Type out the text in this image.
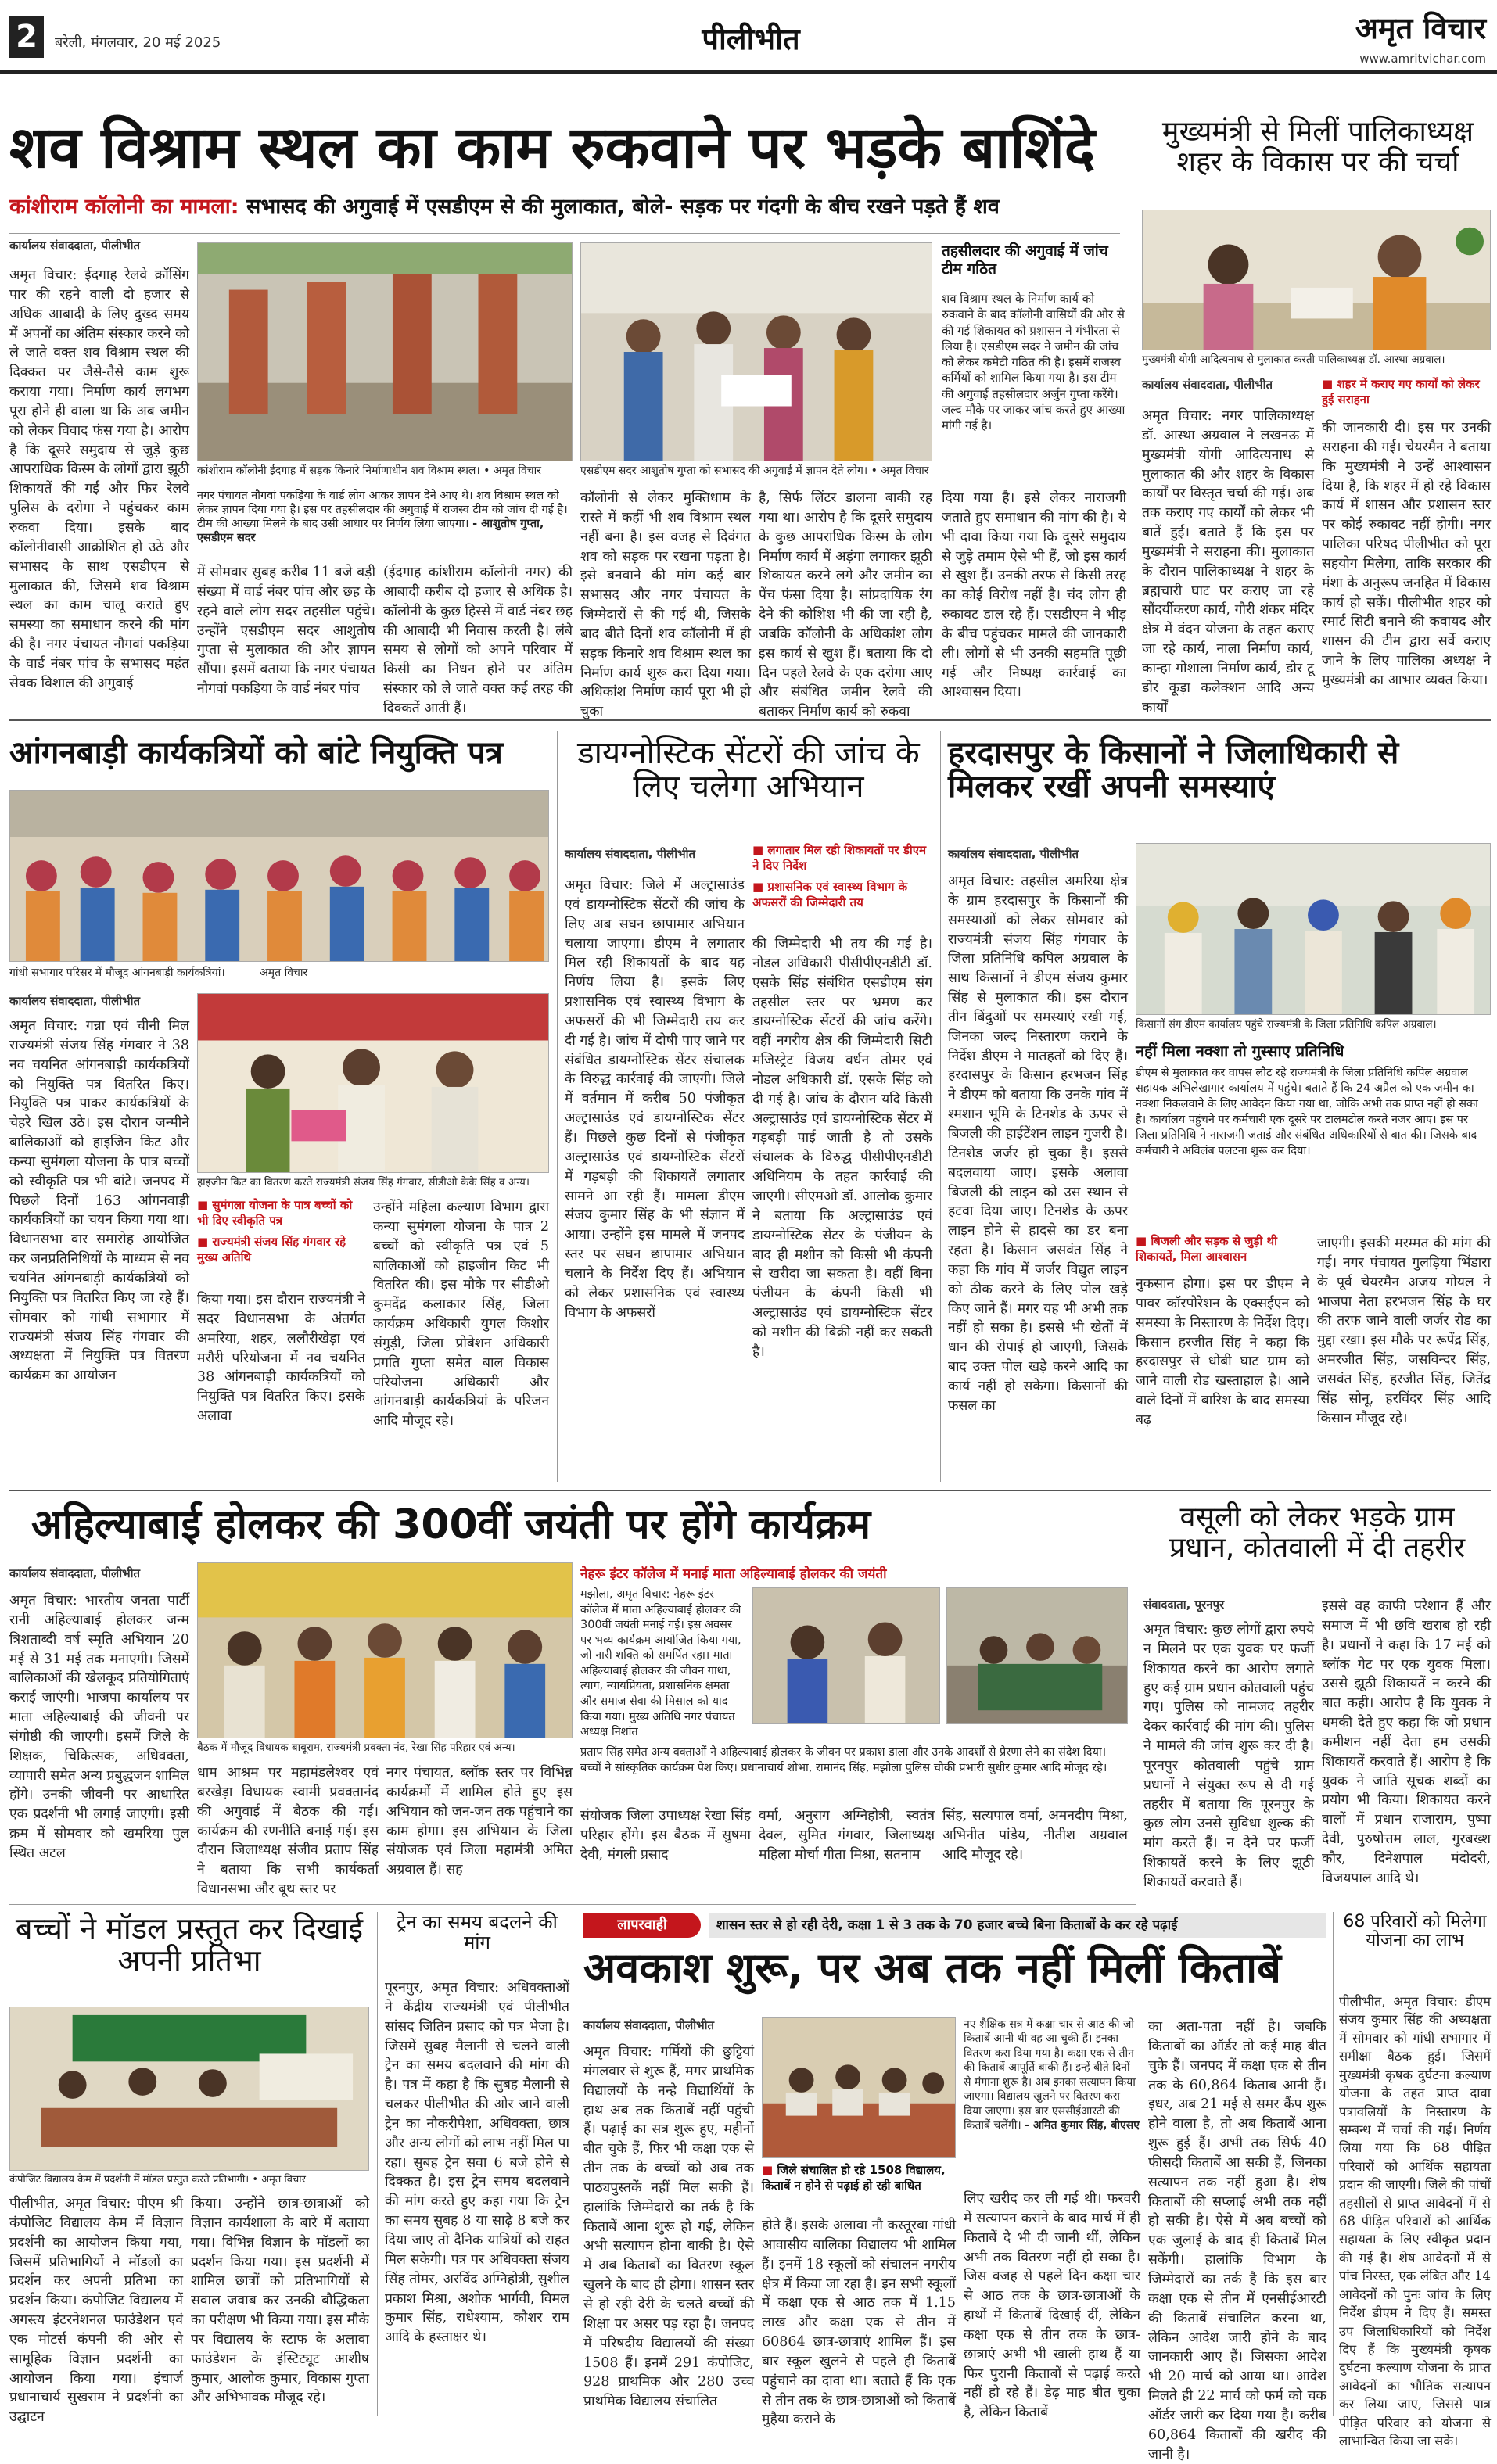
2	बरेली, मंगलवार, 20 मई 2025	पीलीभीत	अमृत विचार
www.amritvichar.com
शव विश्राम स्थल का काम रुकवाने पर भड़के बाशिंदे
कांशीराम कॉलोनी का मामला: सभासद की अगुवाई में एसडीएम से की मुलाकात, बोले- सड़क पर गंदगी के बीच रखने पड़ते हैं शव
कार्यालय संवाददाता, पीलीभीत
अमृत विचार: ईदगाह रेलवे क्रॉसिंग पार की रहने वाली दो हजार से अधिक आबादी के लिए दुख्द समय में अपनों का अंतिम संस्कार करने को ले जाते वक्त शव विश्राम स्थल की दिक्कत पर जैसे-तैसे काम शुरू कराया गया। निर्माण कार्य लगभग पूरा होने ही वाला था कि अब जमीन को लेकर विवाद फंस गया है। आरोप है कि दूसरे समुदाय से जुड़े कुछ आपराधिक किस्म के लोगों द्वारा झूठी शिकायतें की गईं और फिर रेलवे पुलिस के दरोगा ने पहुंचकर काम रुकवा दिया। इसके बाद कॉलोनीवासी आक्रोशित हो उठे और सभासद के साथ एसडीएम से मुलाकात की, जिसमें शव विश्राम स्थल का काम चालू कराते हुए समस्या का समाधान करने की मांग की है। नगर पंचायत नौगवां पकड़िया के वार्ड नंबर पांच के सभासद महंत सेवक विशाल की अगुवाई
कांशीराम कॉलोनी ईदगाह में सड़क किनारे निर्माणाधीन शव विश्राम स्थल। • अमृत विचार	एसडीएम सदर आशुतोष गुप्ता को सभासद की अगुवाई में ज्ञापन देते लोग। • अमृत विचार
नगर पंचायत नौगवां पकड़िया के वार्ड लोग आकर ज्ञापन देने आए थे। शव विश्राम स्थल को लेकर ज्ञापन दिया गया है। इस पर तहसीलदार की अगुवाई में राजस्व टीम को जांच दी गई है। टीम की आख्या मिलने के बाद उसी आधार पर निर्णय लिया जाएगा। - आशुतोष गुप्ता, एसडीएम सदर
में सोमवार सुबह करीब 11 बजे बड़ी संख्या में वार्ड नंबर पांच और छह के रहने वाले लोग सदर तहसील पहुंचे। उन्होंने एसडीएम सदर आशुतोष गुप्ता से मुलाकात की और ज्ञापन सौंपा। इसमें बताया कि नगर पंचायत नौगवां पकड़िया के वार्ड नंबर पांच
(ईदगाह कांशीराम कॉलोनी नगर) की आबादी करीब दो हजार से अधिक है। कॉलोनी के कुछ हिस्से में वार्ड नंबर छह की आबादी भी निवास करती है। लंबे समय से लोगों को अपने परिवार में किसी का निधन होने पर अंतिम संस्कार को ले जाते वक्त कई तरह की दिक्कतें आती हैं।
कॉलोनी से लेकर मुक्तिधाम के रास्ते में कहीं भी शव विश्राम स्थल नहीं बना है। इस वजह से दिवंगत शव को सड़क पर रखना पड़ता है। इसे बनवाने की मांग कई बार सभासद और नगर पंचायत के जिम्मेदारों से की गई थी, जिसके बाद बीते दिनों शव कॉलोनी में ही सड़क किनारे शव विश्राम स्थल का निर्माण कार्य शुरू करा दिया गया। अधिकांश निर्माण कार्य पूरा भी हो चुका
है, सिर्फ लिंटर डालना बाकी रह गया था। आरोप है कि दूसरे समुदाय के कुछ आपराधिक किस्म के लोग निर्माण कार्य में अड़ंगा लगाकर झूठी शिकायत करने लगे और जमीन का पेंच फंसा दिया है। सांप्रदायिक रंग देने की कोशिश भी की जा रही है, जबकि कॉलोनी के अधिकांश लोग इस कार्य से खुश हैं। बताया कि दो दिन पहले रेलवे के एक दरोगा आए और संबंधित जमीन रेलवे की बताकर निर्माण कार्य को रुकवा
तहसीलदार की अगुवाई में जांच टीम गठित
शव विश्राम स्थल के निर्माण कार्य को रुकवाने के बाद कॉलोनी वासियों की ओर से की गई शिकायत को प्रशासन ने गंभीरता से लिया है। एसडीएम सदर ने जमीन की जांच को लेकर कमेटी गठित की है। इसमें राजस्व कर्मियों को शामिल किया गया है। इस टीम की अगुवाई तहसीलदार अर्जुन गुप्ता करेंगे। जल्द मौके पर जाकर जांच करते हुए आख्या मांगी गई है।
दिया गया है। इसे लेकर नाराजगी जताते हुए समाधान की मांग की है। ये भी दावा किया गया कि दूसरे समुदाय से जुड़े तमाम ऐसे भी हैं, जो इस कार्य से खुश हैं। उनकी तरफ से किसी तरह का कोई विरोध नहीं है। चंद लोग ही रुकावट डाल रहे हैं। एसडीएम ने भीड़ के बीच पहुंचकर मामले की जानकारी ली। लोगों से भी उनकी सहमति पूछी गई और निष्पक्ष कार्रवाई का आश्वासन दिया।
मुख्यमंत्री से मिलीं पालिकाध्यक्ष शहर के विकास पर की चर्चा
मुख्यमंत्री योगी आदित्यनाथ से मुलाकात करती पालिकाध्यक्ष डॉ. आस्था अग्रवाल।
कार्यालय संवाददाता, पीलीभीत	■ शहर में कराए गए कार्यों को लेकर हुई सराहना
अमृत विचार: नगर पालिकाध्यक्ष डॉ. आस्था अग्रवाल ने लखनऊ में मुख्यमंत्री योगी आदित्यनाथ से मुलाकात की और शहर के विकास कार्यों पर विस्तृत चर्चा की गई। अब तक कराए गए कार्यों को लेकर भी बातें हुईं। बताते हैं कि इस पर मुख्यमंत्री ने सराहना की। मुलाकात के दौरान पालिकाध्यक्ष ने शहर के ब्रह्मचारी घाट पर कराए जा रहे सौंदर्यीकरण कार्य, गौरी शंकर मंदिर क्षेत्र में वंदन योजना के तहत कराए जा रहे कार्य, नाला निर्माण कार्य, कान्हा गोशाला निर्माण कार्य, डोर टू डोर कूड़ा कलेक्शन आदि अन्य कार्यों
की जानकारी दी। इस पर उनकी सराहना की गई। चेयरमैन ने बताया कि मुख्यमंत्री ने उन्हें आश्वासन दिया है, कि शहर में हो रहे विकास कार्य में शासन और प्रशासन स्तर पर कोई रुकावट नहीं होगी। नगर पालिका परिषद पीलीभीत को पूरा सहयोग मिलेगा, ताकि सरकार की मंशा के अनुरूप जनहित में विकास कार्य हो सकें। पीलीभीत शहर को स्मार्ट सिटी बनाने की कवायद और शासन की टीम द्वारा सर्वे कराए जाने के लिए पालिका अध्यक्ष ने मुख्यमंत्री का आभार व्यक्त किया।
आंगनबाड़ी कार्यकत्रियों को बांटे नियुक्ति पत्र
गांधी सभागार परिसर में मौजूद आंगनबाड़ी कार्यकत्रियां।	अमृत विचार
कार्यालय संवाददाता, पीलीभीत
अमृत विचार: गन्ना एवं चीनी मिल राज्यमंत्री संजय सिंह गंगवार ने 38 नव चयनित आंगनबाड़ी कार्यकत्रियों को नियुक्ति पत्र वितरित किए। नियुक्ति पत्र पाकर कार्यकत्रियों के चेहरे खिल उठे। इस दौरान जन्मीने बालिकाओं को हाइजिन किट और कन्या सुमंगला योजना के पात्र बच्चों को स्वीकृति पत्र भी बांटे। जनपद में पिछले दिनों 163 आंगनवाड़ी कार्यकत्रियों का चयन किया गया था। विधानसभा वार समारोह आयोजित कर जनप्रतिनिधियों के माध्यम से नव चयनित आंगनबाड़ी कार्यकत्रियों को नियुक्ति पत्र वितरित किए जा रहे हैं। सोमवार को गांधी सभागार में राज्यमंत्री संजय सिंह गंगवार की अध्यक्षता में नियुक्ति पत्र वितरण कार्यक्रम का आयोजन
हाइजीन किट का वितरण करते राज्यमंत्री संजय सिंह गंगवार, सीडीओ केके सिंह व अन्य।
■ सुमंगला योजना के पात्र बच्चों को भी दिए स्वीकृति पत्र
■ राज्यमंत्री संजय सिंह गंगवार रहे मुख्य अतिथि
किया गया। इस दौरान राज्यमंत्री ने सदर विधानसभा के अंतर्गत अमरिया, शहर, ललौरीखेड़ा एवं मरौरी परियोजना में नव चयनित 38 आंगनबाड़ी कार्यकत्रियों को नियुक्ति पत्र वितरित किए। इसके अलावा
उन्होंने महिला कल्याण विभाग द्वारा कन्या सुमंगला योजना के पात्र 2 बच्चों को स्वीकृति पत्र एवं 5 बालिकाओं को हाइजीन किट भी वितरित की। इस मौके पर सीडीओ कुमदेंद्र कलाकार सिंह, जिला कार्यक्रम अधिकारी युगल किशोर संगुड़ी, जिला प्रोबेशन अधिकारी प्रगति गुप्ता समेत बाल विकास परियोजना अधिकारी और आंगनबाड़ी कार्यकत्रियां के परिजन आदि मौजूद रहे।
डायग्नोस्टिक सेंटरों की जांच के लिए चलेगा अभियान
कार्यालय संवाददाता, पीलीभीत	■ लगातार मिल रही शिकायतों पर डीएम ने दिए निर्देश
■ प्रशासनिक एवं स्वास्थ्य विभाग के अफसरों की जिम्मेदारी तय
अमृत विचार: जिले में अल्ट्रासाउंड एवं डायग्नोस्टिक सेंटरों की जांच के लिए अब सघन छापामार अभियान चलाया जाएगा। डीएम ने लगातार मिल रही शिकायतों के बाद यह निर्णय लिया है। इसके लिए प्रशासनिक एवं स्वास्थ्य विभाग के अफसरों की भी जिम्मेदारी तय कर दी गई है। जांच में दोषी पाए जाने पर संबंधित डायग्नोस्टिक सेंटर संचालक के विरुद्ध कार्रवाई की जाएगी। जिले में वर्तमान में करीब 50 पंजीकृत अल्ट्रासाउंड एवं डायग्नोस्टिक सेंटर हैं। पिछले कुछ दिनों से पंजीकृत अल्ट्रासाउंड एवं डायग्नोस्टिक सेंटरों में गड़बड़ी की शिकायतें लगातार सामने आ रही हैं। मामला डीएम संजय कुमार सिंह के भी संज्ञान में आया। उन्होंने इस मामले में जनपद स्तर पर सघन छापामार अभियान चलाने के निर्देश दिए हैं। अभियान को लेकर प्रशासनिक एवं स्वास्थ्य विभाग के अफसरों
की जिम्मेदारी भी तय की गई है। नोडल अधिकारी पीसीपीएनडीटी डॉ. एसके सिंह संबंधित एसडीएम संग तहसील स्तर पर भ्रमण कर डायग्नोस्टिक सेंटरों की जांच करेंगे। वहीं नगरीय क्षेत्र की जिम्मेदारी सिटी मजिस्ट्रेट विजय वर्धन तोमर एवं नोडल अधिकारी डॉ. एसके सिंह को दी गई है। जांच के दौरान यदि किसी अल्ट्रासाउंड एवं डायग्नोस्टिक सेंटर में गड़बड़ी पाई जाती है तो उसके संचालक के विरुद्ध पीसीपीएनडीटी अधिनियम के तहत कार्रवाई की जाएगी। सीएमओ डॉ. आलोक कुमार ने बताया कि अल्ट्रासाउंड एवं डायग्नोस्टिक सेंटर के पंजीयन के बाद ही मशीन को किसी भी कंपनी से खरीदा जा सकता है। वहीं बिना पंजीयन के कंपनी किसी भी अल्ट्रासाउंड एवं डायग्नोस्टिक सेंटर को मशीन की बिक्री नहीं कर सकती है।
हरदासपुर के किसानों ने जिलाधिकारी से मिलकर रखीं अपनी समस्याएं
कार्यालय संवाददाता, पीलीभीत
अमृत विचार: तहसील अमरिया क्षेत्र के ग्राम हरदासपुर के किसानों की समस्याओं को लेकर सोमवार को राज्यमंत्री संजय सिंह गंगवार के जिला प्रतिनिधि कपिल अग्रवाल के साथ किसानों ने डीएम संजय कुमार सिंह से मुलाकात की। इस दौरान तीन बिंदुओं पर समस्याएं रखी गईं, जिनका जल्द निस्तारण कराने के निर्देश डीएम ने मातहतों को दिए हैं। हरदासपुर के किसान हरभजन सिंह ने डीएम को बताया कि उनके गांव में श्मशान भूमि के टिनशेड के ऊपर से बिजली की हाईटेंशन लाइन गुजरी है। टिनशेड जर्जर हो चुका है। इससे बदलवाया जाए। इसके अलावा बिजली की लाइन को उस स्थान से हटवा दिया जाए। टिनशेड के ऊपर लाइन होने से हादसे का डर बना रहता है। किसान जसवंत सिंह ने कहा कि गांव में जर्जर विद्युत लाइन को ठीक करने के लिए पोल खड़े किए जाने हैं। मगर यह भी अभी तक नहीं हो सका है। इससे भी खेतों में धान की रोपाई हो जाएगी, जिसके बाद उक्त पोल खड़े करने आदि का कार्य नहीं हो सकेगा। किसानों की फसल का
किसानों संग डीएम कार्यालय पहुंचे राज्यमंत्री के जिला प्रतिनिधि कपिल अग्रवाल।
नहीं मिला नक्शा तो गुस्साए प्रतिनिधि
डीएम से मुलाकात कर वापस लौट रहे राज्यमंत्री के जिला प्रतिनिधि कपिल अग्रवाल सहायक अभिलेखागार कार्यालय में पहुंचे। बताते हैं कि 24 अप्रैल को एक जमीन का नक्शा निकलवाने के लिए आवेदन किया गया था, जोकि अभी तक प्राप्त नहीं हो सका है। कार्यालय पहुंचने पर कर्मचारी एक दूसरे पर टालमटोल करते नजर आए। इस पर जिला प्रतिनिधि ने नाराजगी जताई और संबंधित अधिकारियों से बात की। जिसके बाद कर्मचारी ने अविलंब पलटना शुरू कर दिया।
■ बिजली और सड़क से जुड़ी थी शिकायतें, मिला आश्वासन
नुकसान होगा। इस पर डीएम ने पावर कॉरपोरेशन के एक्सईएन को समस्या के निस्तारण के निर्देश दिए। किसान हरजीत सिंह ने कहा कि हरदासपुर से धोबी घाट ग्राम को जाने वाली रोड खस्ताहाल है। आने वाले दिनों में बारिश के बाद समस्या बढ़
जाएगी। इसकी मरम्मत की मांग की गई। नगर पंचायत गुलड़िया भिंडारा के पूर्व चेयरमैन अजय गोयल ने भाजपा नेता हरभजन सिंह के घर की तरफ जाने वाली जर्जर रोड का मुद्दा रखा। इस मौके पर रूपेंद्र सिंह, अमरजीत सिंह, जसविन्दर सिंह, जसवंत सिंह, हरजीत सिंह, जितेंद्र सिंह सोनू, हरविंदर सिंह आदि किसान मौजूद रहे।
अहिल्याबाई होलकर की 300वीं जयंती पर होंगे कार्यक्रम
कार्यालय संवाददाता, पीलीभीत
अमृत विचार: भारतीय जनता पार्टी रानी अहिल्याबाई होलकर जन्म त्रिशताब्दी वर्ष स्मृति अभियान 20 मई से 31 मई तक मनाएगी। जिसमें बालिकाओं की खेलकूद प्रतियोगिताएं कराई जाएंगी। भाजपा कार्यालय पर माता अहिल्याबाई की जीवनी पर संगोष्ठी की जाएगी। इसमें जिले के शिक्षक, चिकित्सक, अधिवक्ता, व्यापारी समेत अन्य प्रबुद्धजन शामिल होंगे। उनकी जीवनी पर आधारित एक प्रदर्शनी भी लगाई जाएगी। इसी क्रम में सोमवार को खमरिया पुल स्थित अटल
बैठक में मौजूद विधायक बाबूराम, राज्यमंत्री प्रवक्ता नंद, रेखा सिंह परिहार एवं अन्य।
धाम आश्रम पर महामंडलेश्वर एवं बरखेड़ा विधायक स्वामी प्रवक्तानंद की अगुवाई में बैठक की गई। कार्यक्रम की रणनीति बनाई गई। इस दौरान जिलाध्यक्ष संजीव प्रताप सिंह ने बताया कि सभी कार्यकर्ता विधानसभा और बूथ स्तर पर
नगर पंचायत, ब्लॉक स्तर पर विभिन्न कार्यक्रमों में शामिल होते हुए इस अभियान को जन-जन तक पहुंचाने का काम होगा। इस अभियान के जिला संयोजक एवं जिला महामंत्री अमित अग्रवाल हैं। सह
नेहरू इंटर कॉलेज में मनाई माता अहिल्याबाई होलकर की जयंती
मझोला, अमृत विचार: नेहरू इंटर कॉलेज में माता अहिल्याबाई होलकर की 300वीं जयंती मनाई गई। इस अवसर पर भव्य कार्यक्रम आयोजित किया गया, जो नारी शक्ति को समर्पित रहा। माता अहिल्याबाई होलकर की जीवन गाथा, त्याग, न्यायप्रियता, प्रशासनिक क्षमता और समाज सेवा की मिसाल को याद किया गया। मुख्य अतिथि नगर पंचायत अध्यक्ष निशांत
प्रताप सिंह समेत अन्य वक्ताओं ने अहिल्याबाई होलकर के जीवन पर प्रकाश डाला और उनके आदर्शों से प्रेरणा लेने का संदेश दिया। बच्चों ने सांस्कृतिक कार्यक्रम पेश किए। प्रधानाचार्य शोभा, रामानंद सिंह, मझोला पुलिस चौकी प्रभारी सुधीर कुमार आदि मौजूद रहे।
संयोजक जिला उपाध्यक्ष रेखा सिंह परिहार होंगे। इस बैठक में सुषमा देवी, मंगली प्रसाद
वर्मा, अनुराग अग्निहोत्री, स्वतंत्र देवल, सुमित गंगवार, जिलाध्यक्ष महिला मोर्चा गीता मिश्रा, सतनाम
सिंह, सत्यपाल वर्मा, अमनदीप मिश्रा, अभिनीत पांडेय, नीतीश अग्रवाल आदि मौजूद रहे।
वसूली को लेकर भड़के ग्राम प्रधान, कोतवाली में दी तहरीर
संवाददाता, पूरनपुर
अमृत विचार: कुछ लोगों द्वारा रुपये न मिलने पर एक युवक पर फर्जी शिकायत करने का आरोप लगाते हुए कई ग्राम प्रधान कोतवाली पहुंच गए। पुलिस को नामजद तहरीर देकर कार्रवाई की मांग की। पुलिस ने मामले की जांच शुरू कर दी है। पूरनपुर कोतवाली पहुंचे ग्राम प्रधानों ने संयुक्त रूप से दी गई तहरीर में बताया कि पूरनपुर के कुछ लोग उनसे सुविधा शुल्क की मांग करते हैं। न देने पर फर्जी शिकायतें करने के लिए झूठी शिकायतें करवाते हैं।
इससे वह काफी परेशान हैं और समाज में भी छवि खराब हो रही है। प्रधानों ने कहा कि 17 मई को ब्लॉक गेट पर एक युवक मिला। उससे झूठी शिकायतें न करने की बात कही। आरोप है कि युवक ने धमकी देते हुए कहा कि जो प्रधान कमीशन नहीं देता हम उसकी शिकायतें करवाते हैं। आरोप है कि युवक ने जाति सूचक शब्दों का प्रयोग भी किया। शिकायत करने वालों में प्रधान राजाराम, पुष्पा देवी, पुरुषोत्तम लाल, गुरबख्श कौर, दिनेशपाल मंदोदरी, विजयपाल आदि थे।
बच्चों ने मॉडल प्रस्तुत कर दिखाई अपनी प्रतिभा
कंपोजिट विद्यालय केम में प्रदर्शनी में मॉडल प्रस्तुत करते प्रतिभागी। • अमृत विचार
पीलीभीत, अमृत विचार: पीएम श्री कंपोजिट विद्यालय केम में विज्ञान प्रदर्शनी का आयोजन किया गया, जिसमें प्रतिभागियों ने मॉडलों का प्रदर्शन कर अपनी प्रतिभा का प्रदर्शन किया। कंपोजिट विद्यालय में अगस्त्य इंटरनेशनल फाउंडेशन एवं एक मोटर्स कंपनी की ओर से सामूहिक विज्ञान प्रदर्शनी का आयोजन किया गया। इंचार्ज प्रधानाचार्य सुखराम ने प्रदर्शनी का उद्घाटन
किया। उन्होंने छात्र-छात्राओं को विज्ञान कार्यशाला के बारे में बताया गया। विभिन्न विज्ञान के मॉडलों का प्रदर्शन किया गया। इस प्रदर्शनी में शामिल छात्रों को प्रतिभागियों से सवाल जवाब कर उनकी बौद्धिकता का परीक्षण भी किया गया। इस मौके पर विद्यालय के स्टाफ के अलावा फाउंडेशन के इंस्टिट्यूट आशीष कुमार, आलोक कुमार, विकास गुप्ता और अभिभावक मौजूद रहे।
ट्रेन का समय बदलने की मांग
पूरनपुर, अमृत विचार: अधिवक्ताओं ने केंद्रीय राज्यमंत्री एवं पीलीभीत सांसद जितिन प्रसाद को पत्र भेजा है। जिसमें सुबह मैलानी से चलने वाली ट्रेन का समय बदलवाने की मांग की है। पत्र में कहा है कि सुबह मैलानी से चलकर पीलीभीत की ओर जाने वाली ट्रेन का नौकरीपेशा, अधिवक्ता, छात्र और अन्य लोगों को लाभ नहीं मिल पा रहा। सुबह ट्रेन सवा 6 बजे होने से दिक्कत है। इस ट्रेन समय बदलवाने की मांग करते हुए कहा गया कि ट्रेन का समय सुबह 8 या साढ़े 8 बजे कर दिया जाए तो दैनिक यात्रियों को राहत मिल सकेगी। पत्र पर अधिवक्ता संजय सिंह तोमर, अरविंद अग्निहोत्री, सुशील प्रकाश मिश्रा, अशोक भार्गवी, विमल कुमार सिंह, राधेश्याम, कौशर राम आदि के हस्ताक्षर थे।
लापरवाही	शासन स्तर से हो रही देरी, कक्षा 1 से 3 तक के 70 हजार बच्चे बिना किताबों के कर रहे पढ़ाई
अवकाश शुरू, पर अब तक नहीं मिलीं किताबें
कार्यालय संवाददाता, पीलीभीत
अमृत विचार: गर्मियों की छुट्टियां मंगलवार से शुरू हैं, मगर प्राथमिक विद्यालयों के नन्हे विद्यार्थियों के हाथ अब तक किताबें नहीं पहुंची हैं। पढ़ाई का सत्र शुरू हुए, महीनों बीत चुके हैं, फिर भी कक्षा एक से तीन तक के बच्चों को अब तक पाठ्यपुस्तकें नहीं मिल सकी हैं। हालांकि जिम्मेदारों का तर्क है कि किताबें आना शुरू हो गई, लेकिन अभी सत्यापन होना बाकी है। ऐसे में अब किताबों का वितरण स्कूल खुलने के बाद ही होगा। शासन स्तर से हो रही देरी के चलते बच्चों की शिक्षा पर असर पड़ रहा है। जनपद में परिषदीय विद्यालयों की संख्या 1508 हैं। इनमें 291 कंपोजिट, 928 प्राथमिक और 280 उच्च प्राथमिक विद्यालय संचालित
■ जिले संचालित हो रहे 1508 विद्यालय, किताबें न होने से पढ़ाई हो रही बाधित
नए शैक्षिक सत्र में कक्षा चार से आठ की जो किताबें आनी थी वह आ चुकी हैं। इनका वितरण करा दिया गया है। कक्षा एक से तीन की किताबें आपूर्ति बाकी हैं। इन्हें बीते दिनों से मंगाना शुरू है। अब इनका सत्यापन किया जाएगा। विद्यालय खुलने पर वितरण करा दिया जाएगा। इस बार एससीईआरटी की किताबें चलेंगी। - अमित कुमार सिंह, बीएसए
होते हैं। इसके अलावा नौ कस्तूरबा गांधी आवासीय बालिका विद्यालय भी शामिल हैं। इनमें 18 स्कूलों को संचालन नगरीय क्षेत्र में किया जा रहा है। इन सभी स्कूलों में कक्षा एक से आठ तक में 1.15 लाख और कक्षा एक से तीन में 60864 छात्र-छात्राएं शामिल हैं। इस बार स्कूल खुलने से पहले ही किताबें पहुंचाने का दावा था। बताते हैं कि एक से तीन तक के छात्र-छात्राओं को किताबें मुहैया कराने के
लिए खरीद कर ली गई थी। फरवरी में सत्यापन कराने के बाद मार्च में ही किताबें दे भी दी जानी थीं, लेकिन अभी तक वितरण नहीं हो सका है। जिस वजह से पहले दिन कक्षा चार से आठ तक के छात्र-छात्राओं के हाथों में किताबें दिखाई दीं, लेकिन कक्षा एक से तीन तक के छात्र-छात्राएं अभी भी खाली हाथ हैं या फिर पुरानी किताबों से पढ़ाई करते नहीं हो रहे हैं। डेढ़ माह बीत चुका है, लेकिन किताबें
का अता-पता नहीं है। जबकि किताबों का ऑर्डर तो कई माह बीत चुके हैं। जनपद में कक्षा एक से तीन तक के 60,864 किताब आनी हैं। इधर, अब 21 मई से समर कैंप शुरू होने वाला है, तो अब किताबें आना शुरू हुई हैं। अभी तक सिर्फ 40 फीसदी किताबें आ सकी हैं, जिनका सत्यापन तक नहीं हुआ है। शेष किताबों की सप्लाई अभी तक नहीं हो सकी है। ऐसे में अब बच्चों को एक जुलाई के बाद ही किताबें मिल सकेंगी। हालांकि विभाग के जिम्मेदारों का तर्क है कि इस बार कक्षा एक से तीन में एनसीईआरटी की किताबें संचालित करना था, लेकिन आदेश जारी होने के बाद जानकारी आए हैं। जिसका आदेश भी 20 मार्च को आया था। आदेश मिलते ही 22 मार्च को फर्म को चक ऑर्डर जारी कर दिया गया है। करीब 60,864 किताबों की खरीद की जानी है।
68 परिवारों को मिलेगा योजना का लाभ
पीलीभीत, अमृत विचार: डीएम संजय कुमार सिंह की अध्यक्षता में सोमवार को गांधी सभागार में समीक्षा बैठक हुई। जिसमें मुख्यमंत्री कृषक दुर्घटना कल्याण योजना के तहत प्राप्त दावा पत्रावलियों के निस्तारण के सम्बन्ध में चर्चा की गई। निर्णय लिया गया कि 68 पीड़ित परिवारों को आर्थिक सहायता प्रदान की जाएगी। जिले की पांचों तहसीलों से प्राप्त आवेदनों में से 68 पीड़ित परिवारों को आर्थिक सहायता के लिए स्वीकृत प्रदान की गई है। शेष आवेदनों में से पांच निरस्त, एक लंबित और 14 आवेदनों को पुनः जांच के लिए निर्देश डीएम ने दिए हैं। समस्त उप जिलाधिकारियों को निर्देश दिए हैं कि मुख्यमंत्री कृषक दुर्घटना कल्याण योजना के प्राप्त आवेदनों का भौतिक सत्यापन कर लिया जाए, जिससे पात्र पीड़ित परिवार को योजना से लाभान्वित किया जा सके।
